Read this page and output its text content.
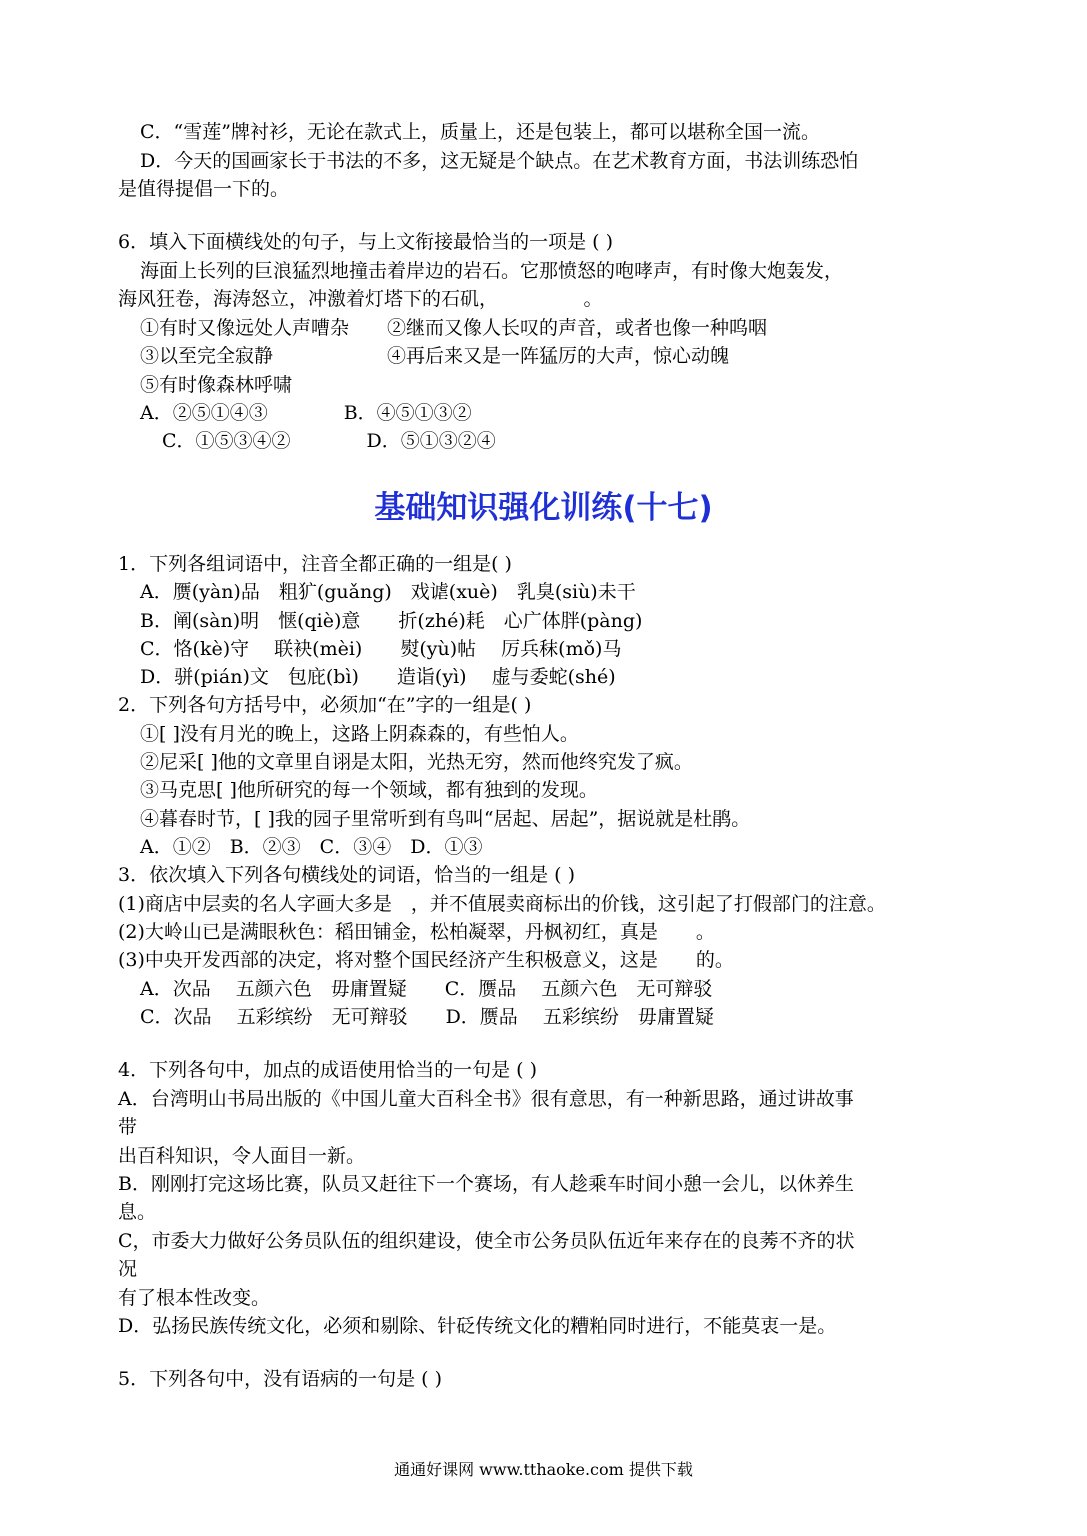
C．“雪莲”牌衬衫，无论在款式上，质量上，还是包装上，都可以堪称全国一流。
D．今天的国画家长于书法的不多，这无疑是个缺点。在艺术教育方面，书法训练恐怕
是值得提倡一下的。
6．填入下面横线处的句子，与上文衔接最恰当的一项是 ( )
海面上长列的巨浪猛烈地撞击着岸边的岩石。它那愤怒的咆哮声，有时像大炮轰发，
海风狂卷，海涛怒立，冲激着灯塔下的石矶，　　　　　。
①有时又像远处人声嘈杂　　②继而又像人长叹的声音，或者也像一种呜咽
③以至完全寂静　　　　　　④再后来又是一阵猛厉的大声，惊心动魄
⑤有时像森林呼啸
A．②⑤①④③　　　　B．④⑤①③②
C．①⑤③④②　　　　D．⑤①③②④
基础知识强化训练(十七)
1．下列各组词语中，注音全都正确的一组是( )
A．赝(yàn)品　粗犷(guǎng)　戏谑(xuè)　乳臭(siù)未干
B．阐(sàn)明　惬(qiè)意　　折(zhé)耗　心广体胖(pàng)
C．恪(kè)守　 联袂(mèi)　　熨(yù)帖　 厉兵秣(mǒ)马
D．骈(pián)文　包庇(bì)　　造诣(yì)　 虚与委蛇(shé)
2．下列各句方括号中，必须加“在”字的一组是( )
①[ ]没有月光的晚上，这路上阴森森的，有些怕人。
②尼采[ ]他的文章里自诩是太阳，光热无穷，然而他终究发了疯。
③马克思[ ]他所研究的每一个领域，都有独到的发现。
④暮春时节，[ ]我的园子里常听到有鸟叫“居起、居起”，据说就是杜鹃。
A．①②　B．②③　C．③④　D．①③
3．依次填入下列各句横线处的词语，恰当的一组是 ( )
(1)商店中层卖的名人字画大多是　，并不值展卖商标出的价钱，这引起了打假部门的注意。
(2)大岭山已是满眼秋色：稻田铺金，松柏凝翠，丹枫初红，真是　　。
(3)中央开发西部的决定，将对整个国民经济产生积极意义，这是　　的。
A．次品　 五颜六色　毋庸置疑　　C．赝品　 五颜六色　无可辩驳
C．次品　 五彩缤纷　无可辩驳　　D．赝品　 五彩缤纷　毋庸置疑
4．下列各句中，加点的成语使用恰当的一句是 ( )
A．台湾明山书局出版的《中国儿童大百科全书》很有意思，有一种新思路，通过讲故事
带
出百科知识，令人面目一新。
B．刚刚打完这场比赛，队员又赶往下一个赛场，有人趁乘车时间小憩一会儿，以休养生
息。
C，市委大力做好公务员队伍的组织建设，使全市公务员队伍近年来存在的良莠不齐的状
况
有了根本性改变。
D．弘扬民族传统文化，必须和剔除、针砭传统文化的糟粕同时进行，不能莫衷一是。
5．下列各句中，没有语病的一句是 ( )
通通好课网 www.tthaoke.com 提供下载
